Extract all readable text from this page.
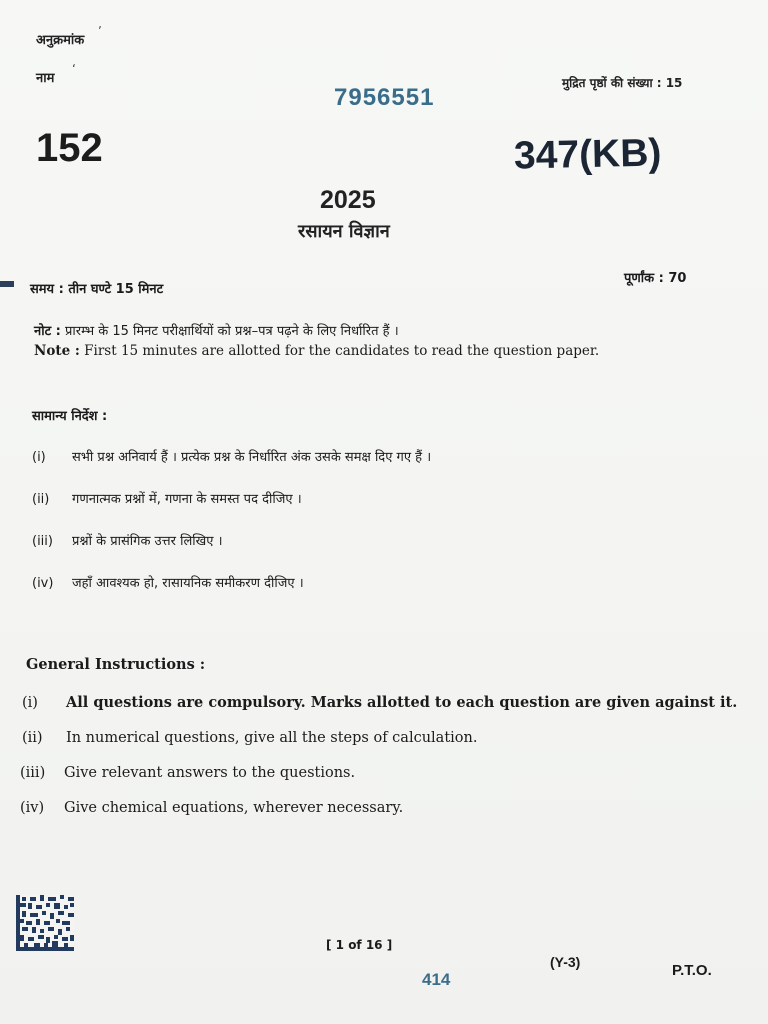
अनुक्रमांक
ʼ
नाम
ʻ
मुद्रित पृष्ठों की संख्या : 15
7956551
152	347(KB)
2025
रसायन विज्ञान
समय : तीन घण्टे 15 मिनट
पूर्णांक : 70
नोट : प्रारम्भ के 15 मिनट परीक्षार्थियों को प्रश्न–पत्र पढ़ने के लिए निर्धारित हैं ।
Note : First 15 minutes are allotted for the candidates to read the question paper.
सामान्य निर्देश :
(i)	सभी प्रश्न अनिवार्य हैं । प्रत्येक प्रश्न के निर्धारित अंक उसके समक्ष दिए गए हैं ।
(ii)	गणनात्मक प्रश्नों में, गणना के समस्त पद दीजिए ।
(iii)	प्रश्नों के प्रासंगिक उत्तर लिखिए ।
(iv)	जहाँ आवश्यक हो, रासायनिक समीकरण दीजिए ।
General Instructions :
(i)	All questions are compulsory. Marks allotted to each question are given against it.
(ii)	In numerical questions, give all the steps of calculation.
(iii)	Give relevant answers to the questions.
(iv)	Give chemical equations, wherever necessary.
[ 1 of 16 ]
414
(Y-3)	P.T.O.
